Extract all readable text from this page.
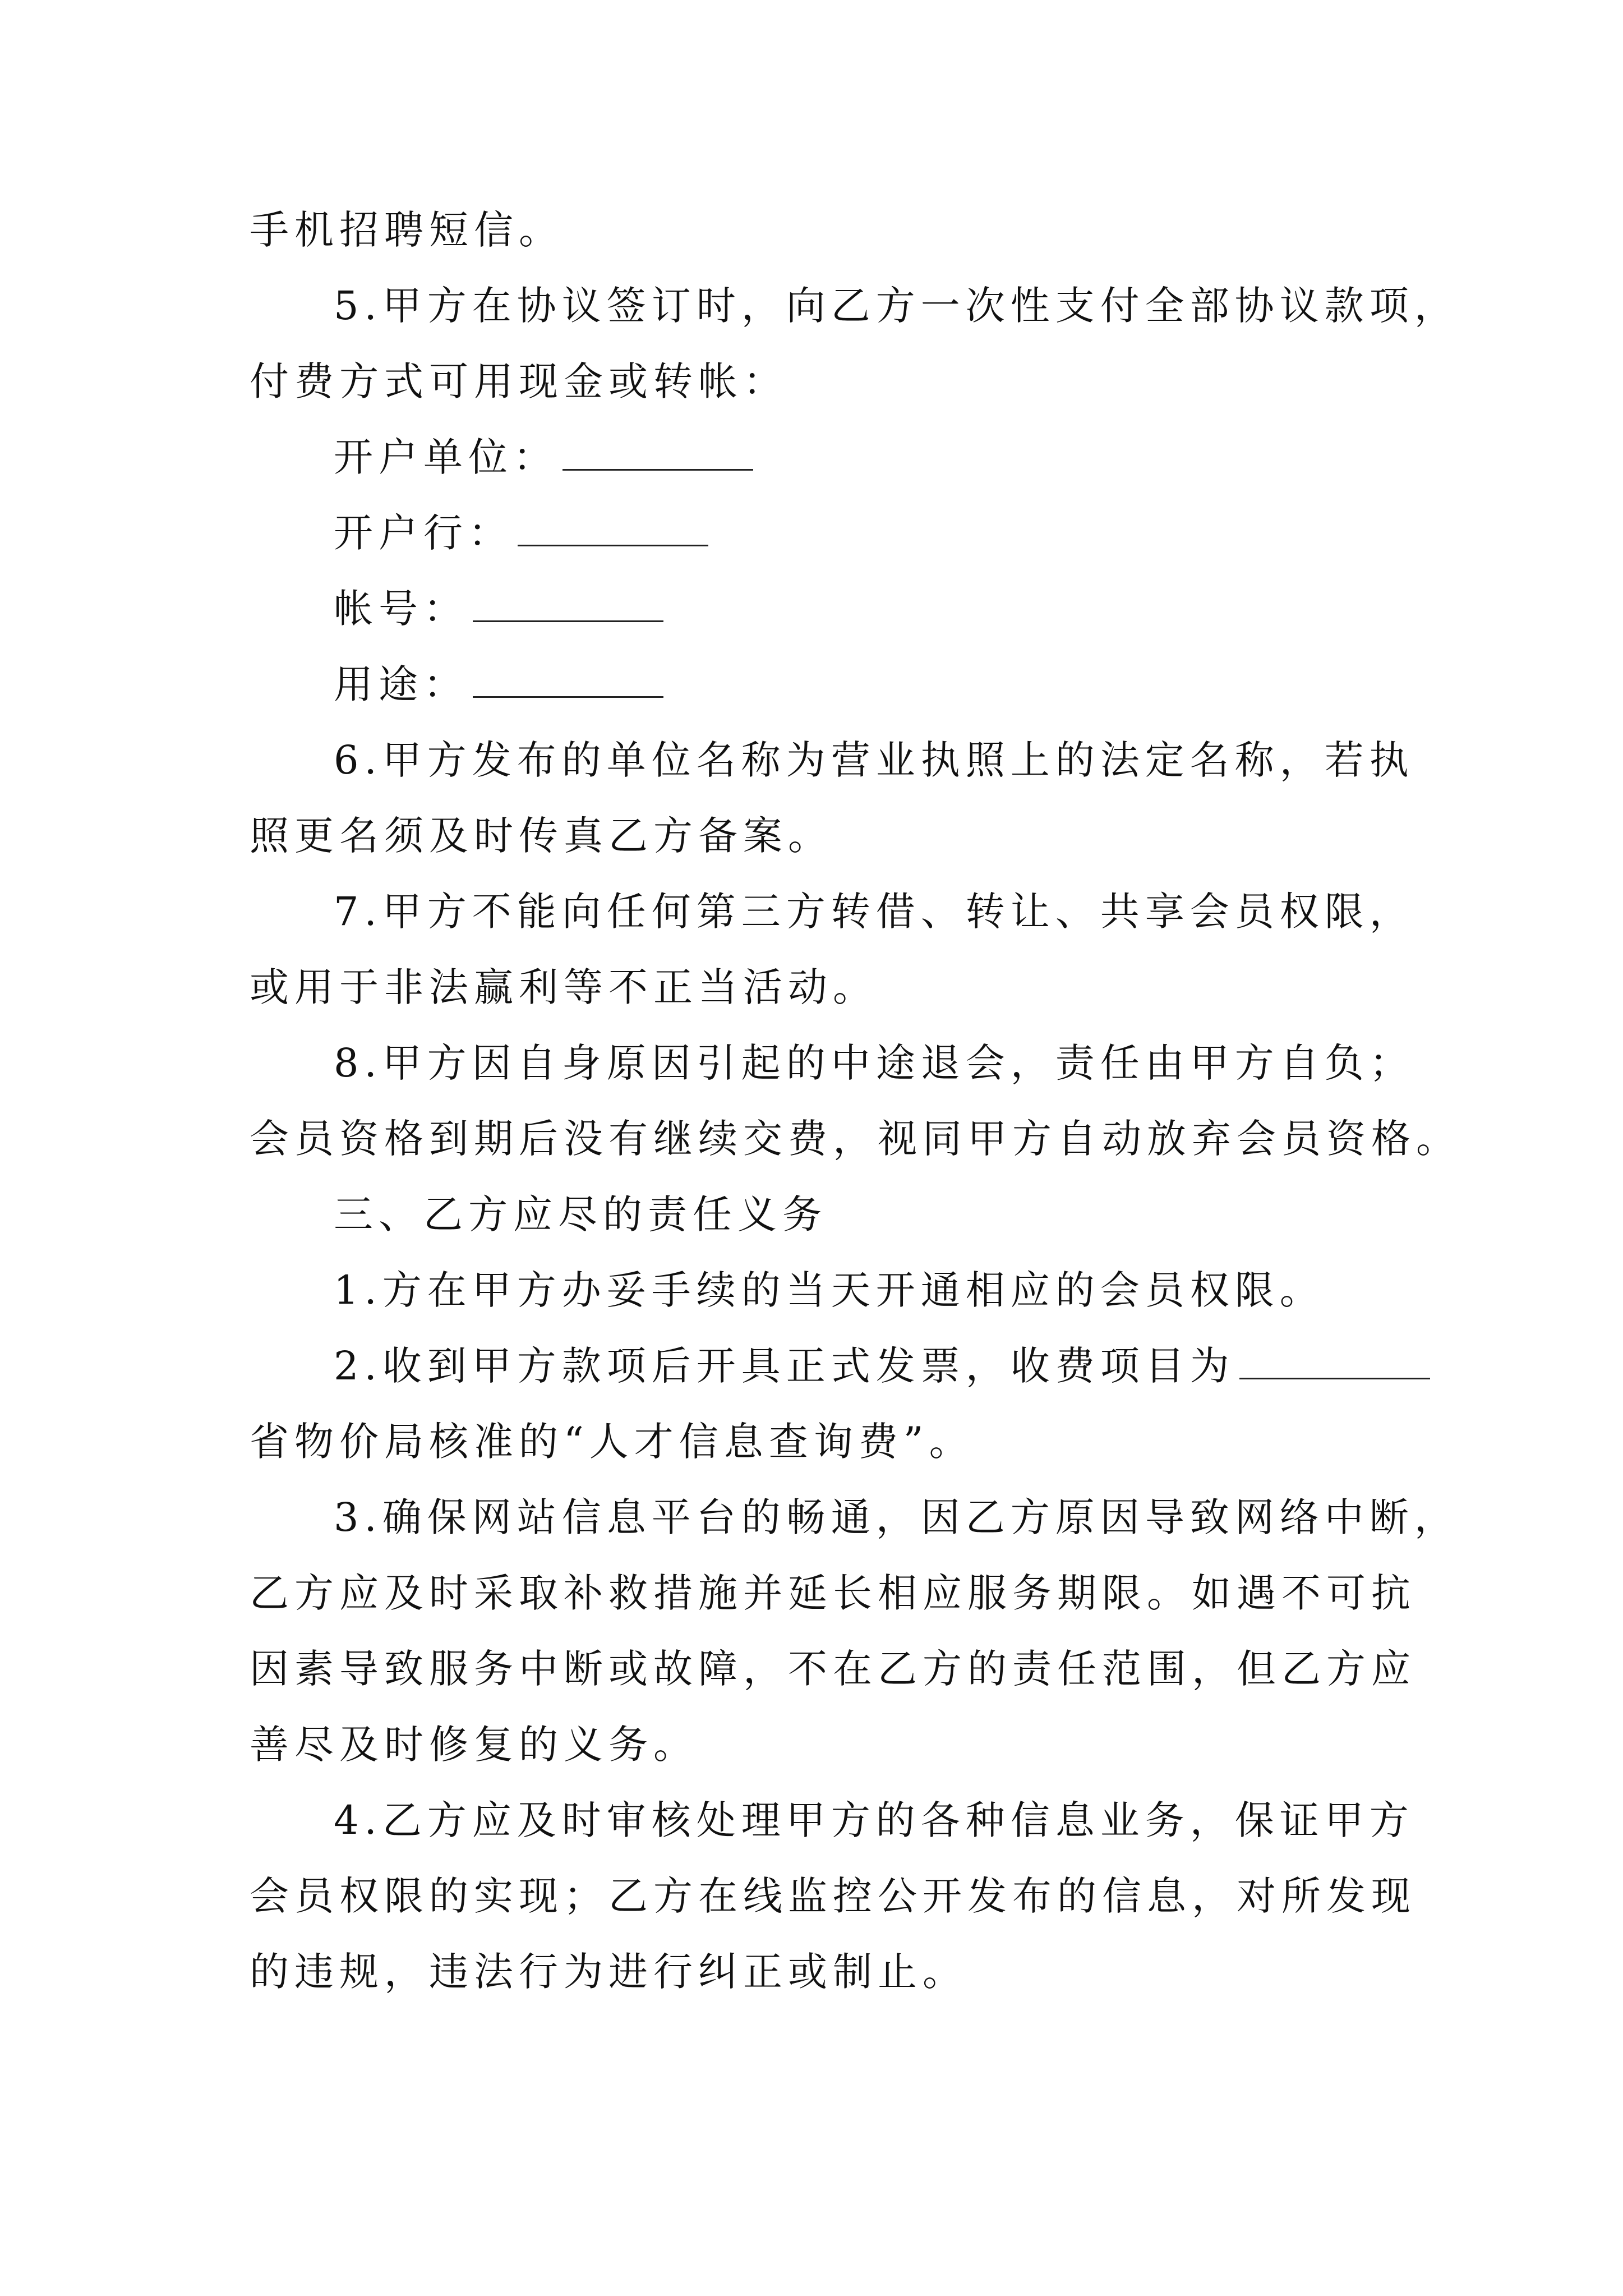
手机招聘短信。
5.甲方在协议签订时，向乙方一次性支付全部协议款项，
付费方式可用现金或转帐：
开户单位：
开户行：
帐号：
用途：
6.甲方发布的单位名称为营业执照上的法定名称，若执
照更名须及时传真乙方备案。
7.甲方不能向任何第三方转借、转让、共享会员权限，
或用于非法赢利等不正当活动。
8.甲方因自身原因引起的中途退会，责任由甲方自负；
会员资格到期后没有继续交费，视同甲方自动放弃会员资格。
三、乙方应尽的责任义务
1.方在甲方办妥手续的当天开通相应的会员权限。
2.收到甲方款项后开具正式发票，收费项目为
省物价局核准的“人才信息查询费”。
3.确保网站信息平台的畅通，因乙方原因导致网络中断，
乙方应及时采取补救措施并延长相应服务期限。如遇不可抗
因素导致服务中断或故障，不在乙方的责任范围，但乙方应
善尽及时修复的义务。
4.乙方应及时审核处理甲方的各种信息业务，保证甲方
会员权限的实现；乙方在线监控公开发布的信息，对所发现
的违规，违法行为进行纠正或制止。
